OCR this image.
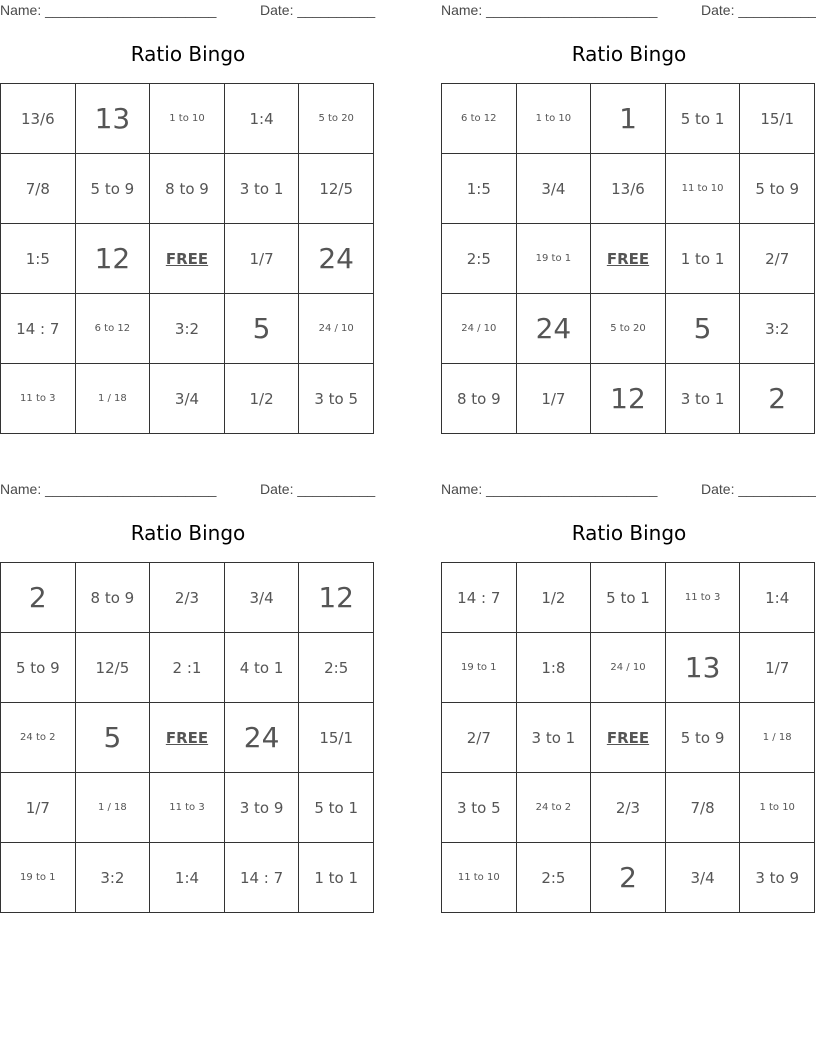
Name: ______________________	Date: __________
Ratio Bingo
13/6	13	1 to 10	1:4	5 to 20
7/8	5 to 9	8 to 9	3 to 1	12/5
1:5	12	FREE	1/7	24
14 : 7	6 to 12	3:2	5	24 / 10
11 to 3	1 / 18	3/4	1/2	3 to 5
Name: ______________________	Date: __________
Ratio Bingo
6 to 12	1 to 10	1	5 to 1	15/1
1:5	3/4	13/6	11 to 10	5 to 9
2:5	19 to 1	FREE	1 to 1	2/7
24 / 10	24	5 to 20	5	3:2
8 to 9	1/7	12	3 to 1	2
Name: ______________________	Date: __________
Ratio Bingo
2	8 to 9	2/3	3/4	12
5 to 9	12/5	2 :1	4 to 1	2:5
24 to 2	5	FREE	24	15/1
1/7	1 / 18	11 to 3	3 to 9	5 to 1
19 to 1	3:2	1:4	14 : 7	1 to 1
Name: ______________________	Date: __________
Ratio Bingo
14 : 7	1/2	5 to 1	11 to 3	1:4
19 to 1	1:8	24 / 10	13	1/7
2/7	3 to 1	FREE	5 to 9	1 / 18
3 to 5	24 to 2	2/3	7/8	1 to 10
11 to 10	2:5	2	3/4	3 to 9
